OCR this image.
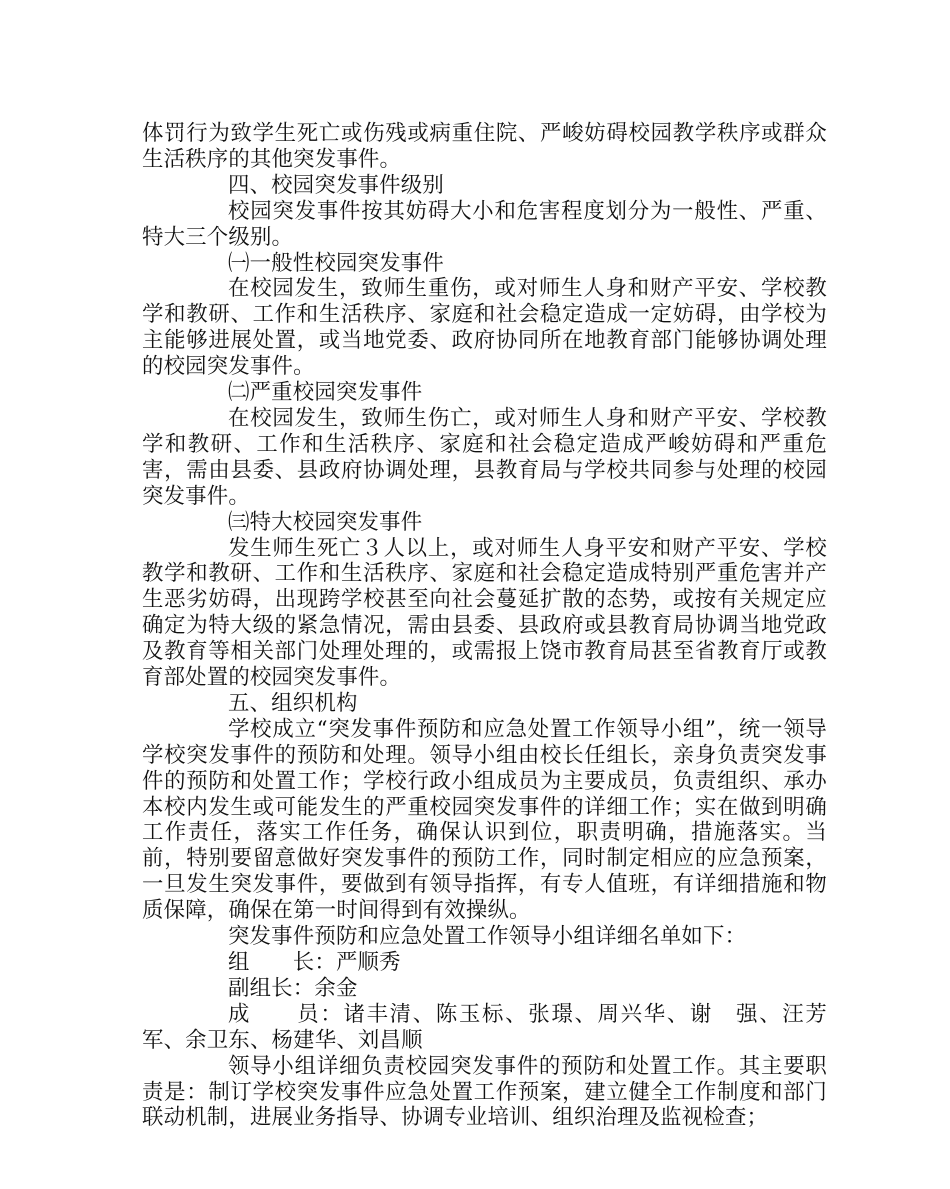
体罚行为致学生死亡或伤残或病重住院、严峻妨碍校园教学秩序或群众生活秩序的其他突发事件。

四、校园突发事件级别

校园突发事件按其妨碍大小和危害程度划分为一般性、严重、特大三个级别。

㈠一般性校园突发事件

在校园发生，致师生重伤，或对师生人身和财产平安、学校教学和教研、工作和生活秩序、家庭和社会稳定造成一定妨碍，由学校为主能够进展处置，或当地党委、政府协同所在地教育部门能够协调处理的校园突发事件。

㈡严重校园突发事件

在校园发生，致师生伤亡，或对师生人身和财产平安、学校教学和教研、工作和生活秩序、家庭和社会稳定造成严峻妨碍和严重危害，需由县委、县政府协调处理，县教育局与学校共同参与处理的校园突发事件。

㈢特大校园突发事件

发生师生死亡３人以上，或对师生人身平安和财产平安、学校教学和教研、工作和生活秩序、家庭和社会稳定造成特别严重危害并产生恶劣妨碍，出现跨学校甚至向社会蔓延扩散的态势，或按有关规定应确定为特大级的紧急情况，需由县委、县政府或县教育局协调当地党政及教育等相关部门处理处理的，或需报上饶市教育局甚至省教育厅或教育部处置的校园突发事件。

五、组织机构

学校成立“突发事件预防和应急处置工作领导小组”，统一领导学校突发事件的预防和处理。领导小组由校长任组长，亲身负责突发事件的预防和处置工作；学校行政小组成员为主要成员，负责组织、承办本校内发生或可能发生的严重校园突发事件的详细工作；实在做到明确工作责任，落实工作任务，确保认识到位，职责明确，措施落实。当前，特别要留意做好突发事件的预防工作，同时制定相应的应急预案，一旦发生突发事件，要做到有领导指挥，有专人值班，有详细措施和物质保障，确保在第一时间得到有效操纵。

突发事件预防和应急处置工作领导小组详细名单如下：

组　　长：严顺秀

副组长：余金

成　　员：诸丰清、陈玉标、张璟、周兴华、谢　强、汪芳军、余卫东、杨建华、刘昌顺

领导小组详细负责校园突发事件的预防和处置工作。其主要职责是：制订学校突发事件应急处置工作预案，建立健全工作制度和部门联动机制，进展业务指导、协调专业培训、组织治理及监视检查；
